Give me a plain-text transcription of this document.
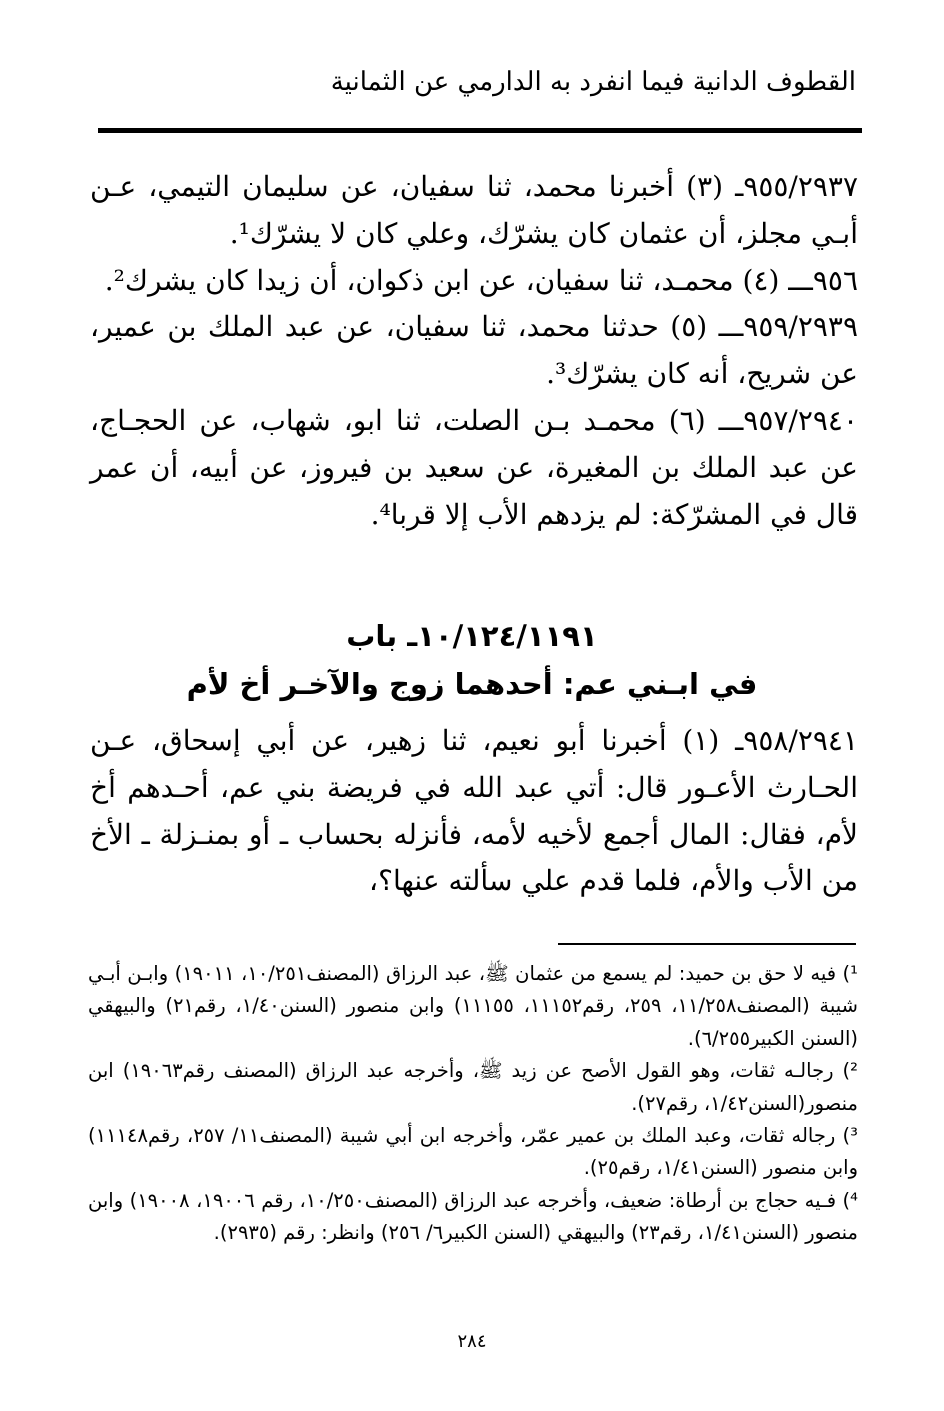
القطوف الدانية فيما انفرد به الدارمي عن الثمانية

٩٥٥/٢٩٣٧ـ (٣) أخبرنا محمد، ثنا سفيان، عن سليمان التيمي، عـن أبـي مجلز، أن عثمان كان يشرّك، وعلي كان لا يشرّك¹.

٩٥٦ـــ (٤) محمـد، ثنا سفيان، عن ابن ذكوان، أن زيدا كان يشرك².

٩٥٩/٢٩٣٩ـــ (٥) حدثنا محمد، ثنا سفيان، عن عبد الملك بن عمير، عن شريح، أنه كان يشرّك³.

٩٥٧/٢٩٤٠ـــ (٦) محمـد بـن الصلت، ثنا ابو، شهاب، عن الحجـاج، عن عبد الملك بن المغيرة، عن سعيد بن فيروز، عن أبيه، أن عمر قال في المشرّكة: لم يزدهم الأب إلا قربا⁴.

١٠/١٢٤/١١٩١ـ باب
في ابـني عم: أحدهما زوج والآخـر أخ لأم

٩٥٨/٢٩٤١ـ (١) أخبرنا أبو نعيم، ثنا زهير، عن أبي إسحاق، عـن الحـارث الأعـور قال: أتي عبد الله في فريضة بني عم، أحـدهم أخ لأم، فقال: المال أجمع لأخيه لأمه، فأنزله بحساب ـ أو بمنـزلة ـ الأخ من الأب والأم، فلما قدم علي سألته عنها؟،

¹) فيه لا حق بن حميد: لم يسمع من عثمان ﷺ، عبد الرزاق (المصنف١٠/٢٥١، ١٩٠١١) وابـن أبـي شيبة (المصنف١١/٢٥٨، ٢٥٩، رقم١١١٥٢، ١١١٥٥) وابن منصور (السنن١/٤٠، رقم٢١) والبيهقي (السنن الكبير٦/٢٥٥).

²) رجالـه ثقات، وهو القول الأصح عن زيد ﷺ، وأخرجه عبد الرزاق (المصنف رقم١٩٠٦٣) ابن منصور(السنن١/٤٢، رقم٢٧).

³) رجاله ثقات، وعبد الملك بن عمير عمّر، وأخرجه ابن أبي شيبة (المصنف١١/ ٢٥٧، رقم١١١٤٨) وابن منصور (السنن١/٤١، رقم٢٥).

⁴) فـيه حجاج بن أرطاة: ضعيف، وأخرجه عبد الرزاق (المصنف١٠/٢٥٠، رقم ١٩٠٠٦، ١٩٠٠٨) وابن منصور (السنن١/٤١، رقم٢٣) والبيهقي (السنن الكبير٦/ ٢٥٦) وانظر: رقم (٢٩٣٥).

٢٨٤
